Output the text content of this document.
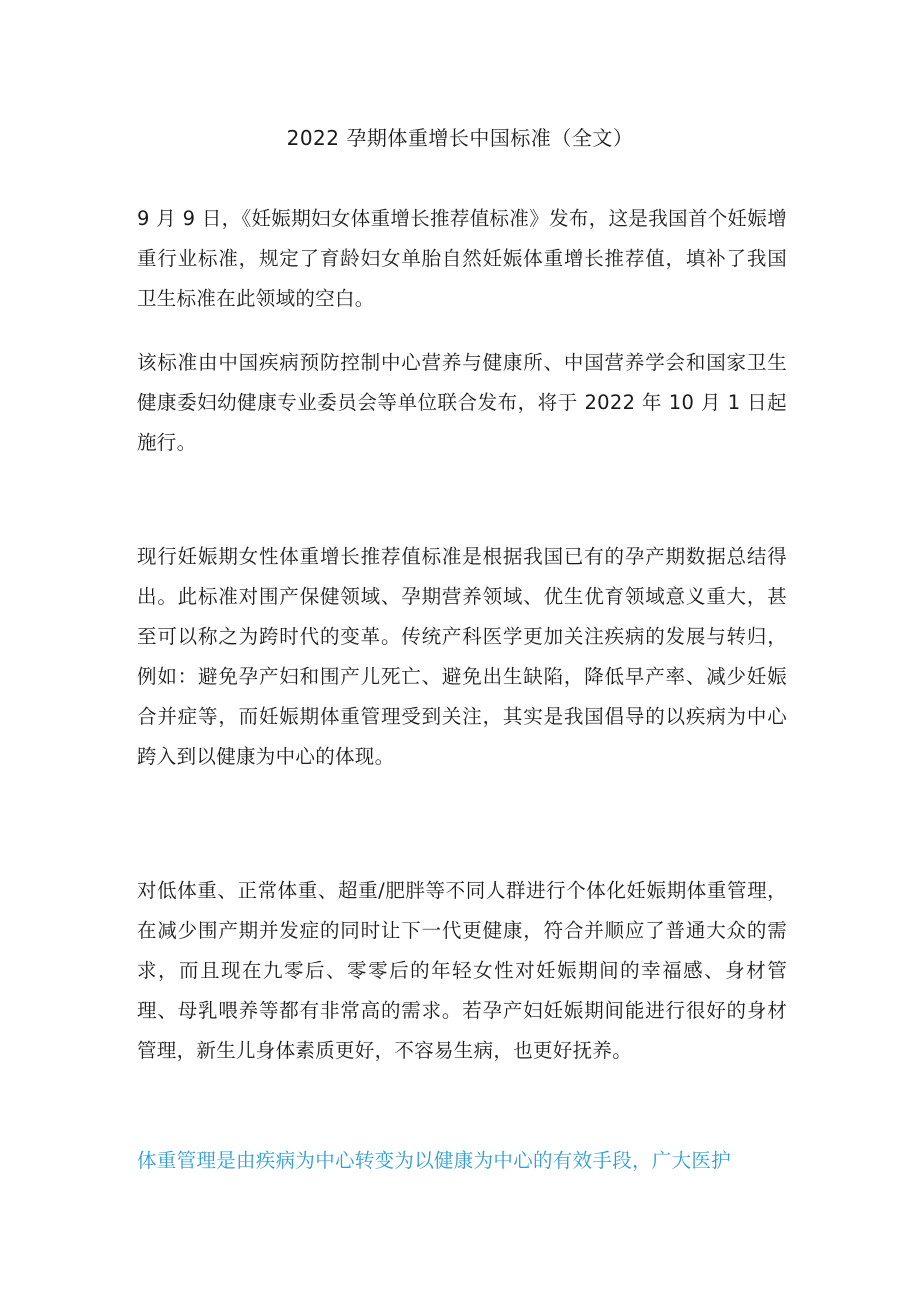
2022 孕期体重增长中国标准（全文）

9 月 9 日，《妊娠期妇女体重增长推荐值标准》发布，这是我国首个妊娠增重行业标准，规定了育龄妇女单胎自然妊娠体重增长推荐值，填补了我国卫生标准在此领域的空白。

该标准由中国疾病预防控制中心营养与健康所、中国营养学会和国家卫生健康委妇幼健康专业委员会等单位联合发布，将于 2022 年 10 月 1 日起施行。

现行妊娠期女性体重增长推荐值标准是根据我国已有的孕产期数据总结得出。此标准对围产保健领域、孕期营养领域、优生优育领域意义重大，甚至可以称之为跨时代的变革。传统产科医学更加关注疾病的发展与转归，例如：避免孕产妇和围产儿死亡、避免出生缺陷，降低早产率、减少妊娠合并症等，而妊娠期体重管理受到关注，其实是我国倡导的以疾病为中心跨入到以健康为中心的体现。

对低体重、正常体重、超重/肥胖等不同人群进行个体化妊娠期体重管理，在减少围产期并发症的同时让下一代更健康，符合并顺应了普通大众的需求，而且现在九零后、零零后的年轻女性对妊娠期间的幸福感、身材管理、母乳喂养等都有非常高的需求。若孕产妇妊娠期间能进行很好的身材管理，新生儿身体素质更好，不容易生病，也更好抚养。

体重管理是由疾病为中心转变为以健康为中心的有效手段，广大医护
